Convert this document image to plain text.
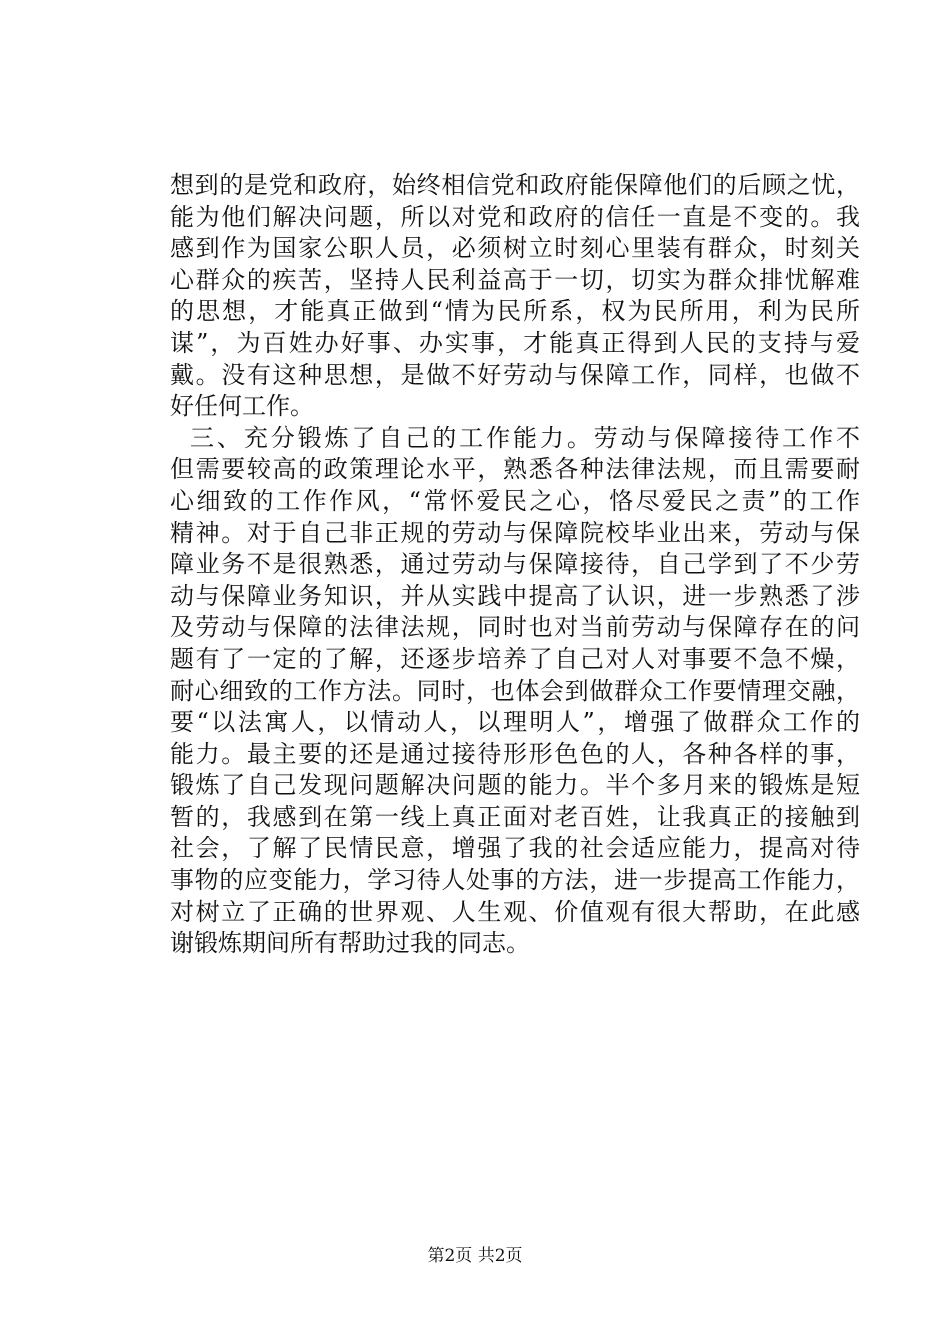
想到的是党和政府，始终相信党和政府能保障他们的后顾之忧，
能为他们解决问题，所以对党和政府的信任一直是不变的。我
感到作为国家公职人员，必须树立时刻心里装有群众，时刻关
心群众的疾苦，坚持人民利益高于一切，切实为群众排忧解难
的思想，才能真正做到“情为民所系，权为民所用，利为民所
谋”，为百姓办好事、办实事，才能真正得到人民的支持与爱
戴。没有这种思想，是做不好劳动与保障工作，同样，也做不
好任何工作。
三、充分锻炼了自己的工作能力。劳动与保障接待工作不
但需要较高的政策理论水平，熟悉各种法律法规，而且需要耐
心细致的工作作风，“常怀爱民之心，恪尽爱民之责”的工作
精神。对于自己非正规的劳动与保障院校毕业出来，劳动与保
障业务不是很熟悉，通过劳动与保障接待，自己学到了不少劳
动与保障业务知识，并从实践中提高了认识，进一步熟悉了涉
及劳动与保障的法律法规，同时也对当前劳动与保障存在的问
题有了一定的了解，还逐步培养了自己对人对事要不急不燥，
耐心细致的工作方法。同时，也体会到做群众工作要情理交融，
要“以法寓人，以情动人，以理明人”，增强了做群众工作的
能力。最主要的还是通过接待形形色色的人，各种各样的事，
锻炼了自己发现问题解决问题的能力。半个多月来的锻炼是短
暂的，我感到在第一线上真正面对老百姓，让我真正的接触到
社会，了解了民情民意，增强了我的社会适应能力，提高对待
事物的应变能力，学习待人处事的方法，进一步提高工作能力，
对树立了正确的世界观、人生观、价值观有很大帮助，在此感
谢锻炼期间所有帮助过我的同志。
第2页 共2页
